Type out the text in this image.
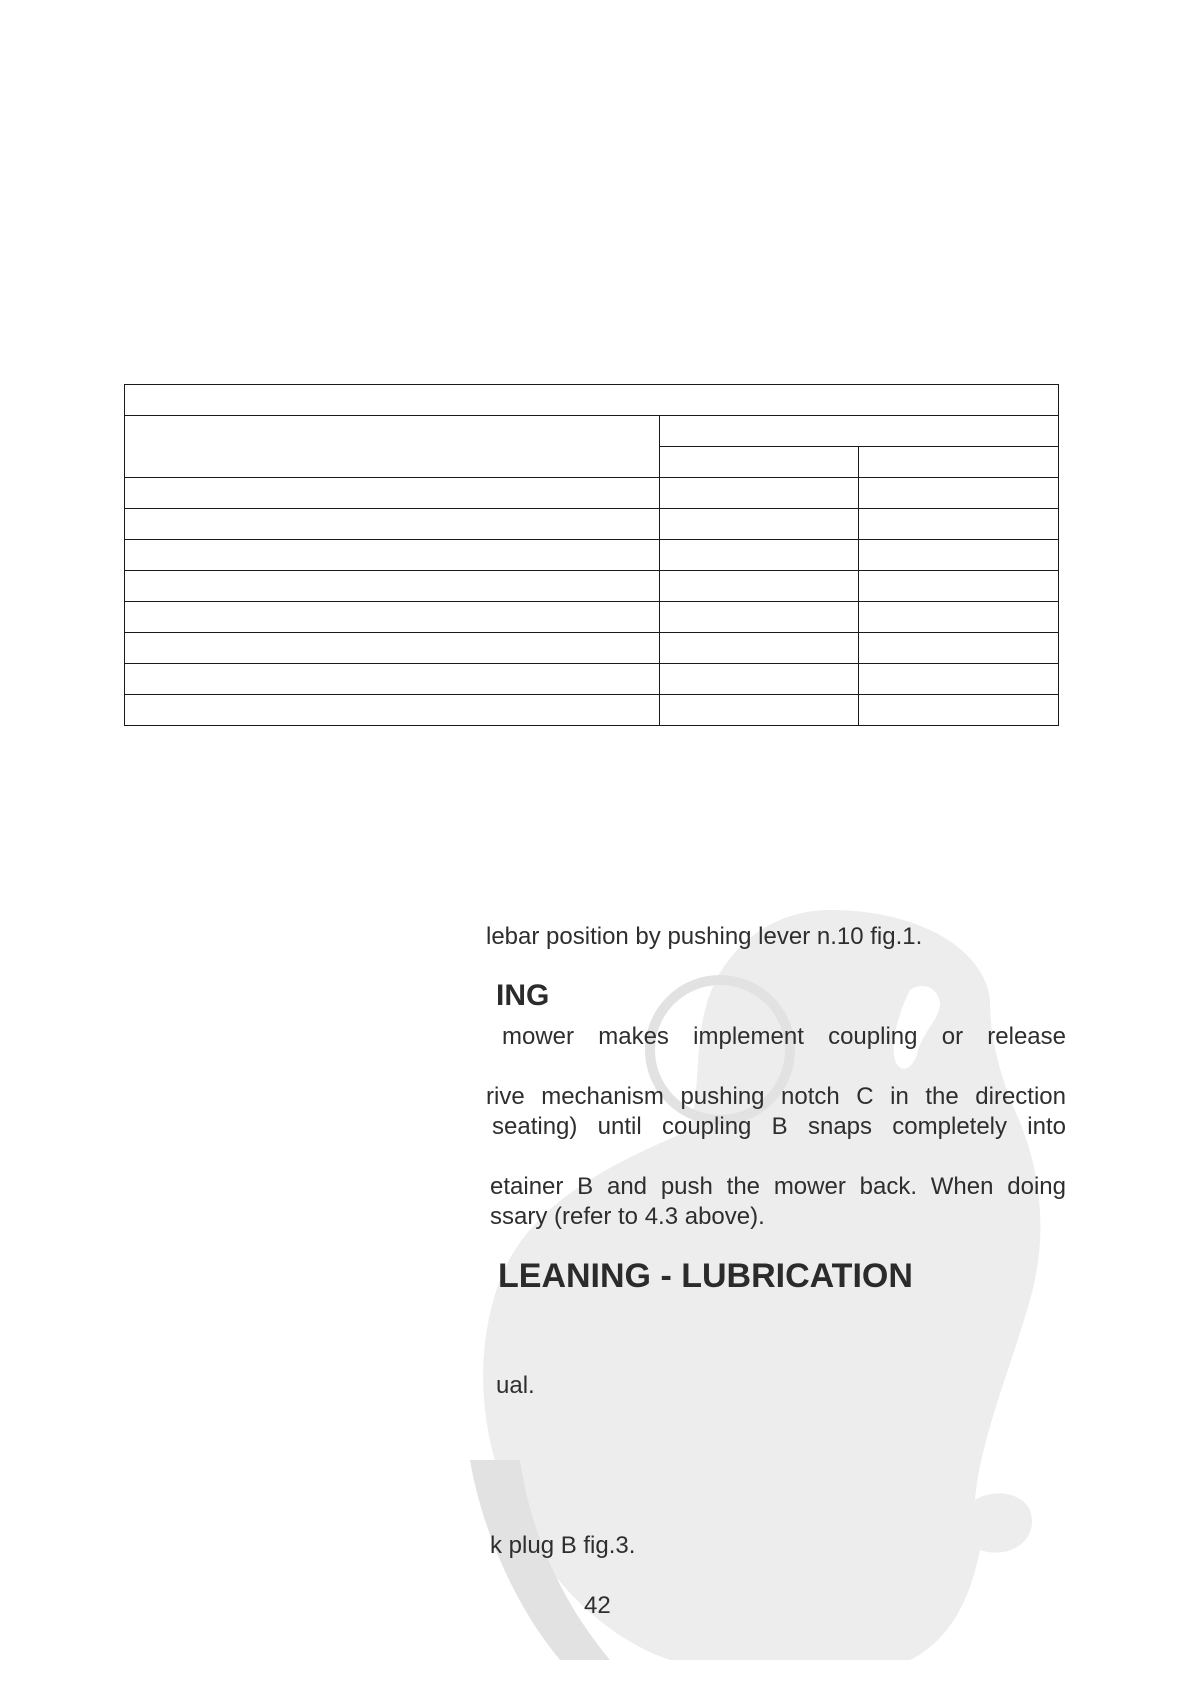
lebar position by pushing lever n.10 fig.1.
ING
mower makes implement coupling or release
rive mechanism pushing notch C in the direction
seating) until coupling B snaps completely into
etainer B and push the mower back. When doing
ssary (refer to 4.3 above).
LEANING - LUBRICATION
ual.
k plug B fig.3.
42
